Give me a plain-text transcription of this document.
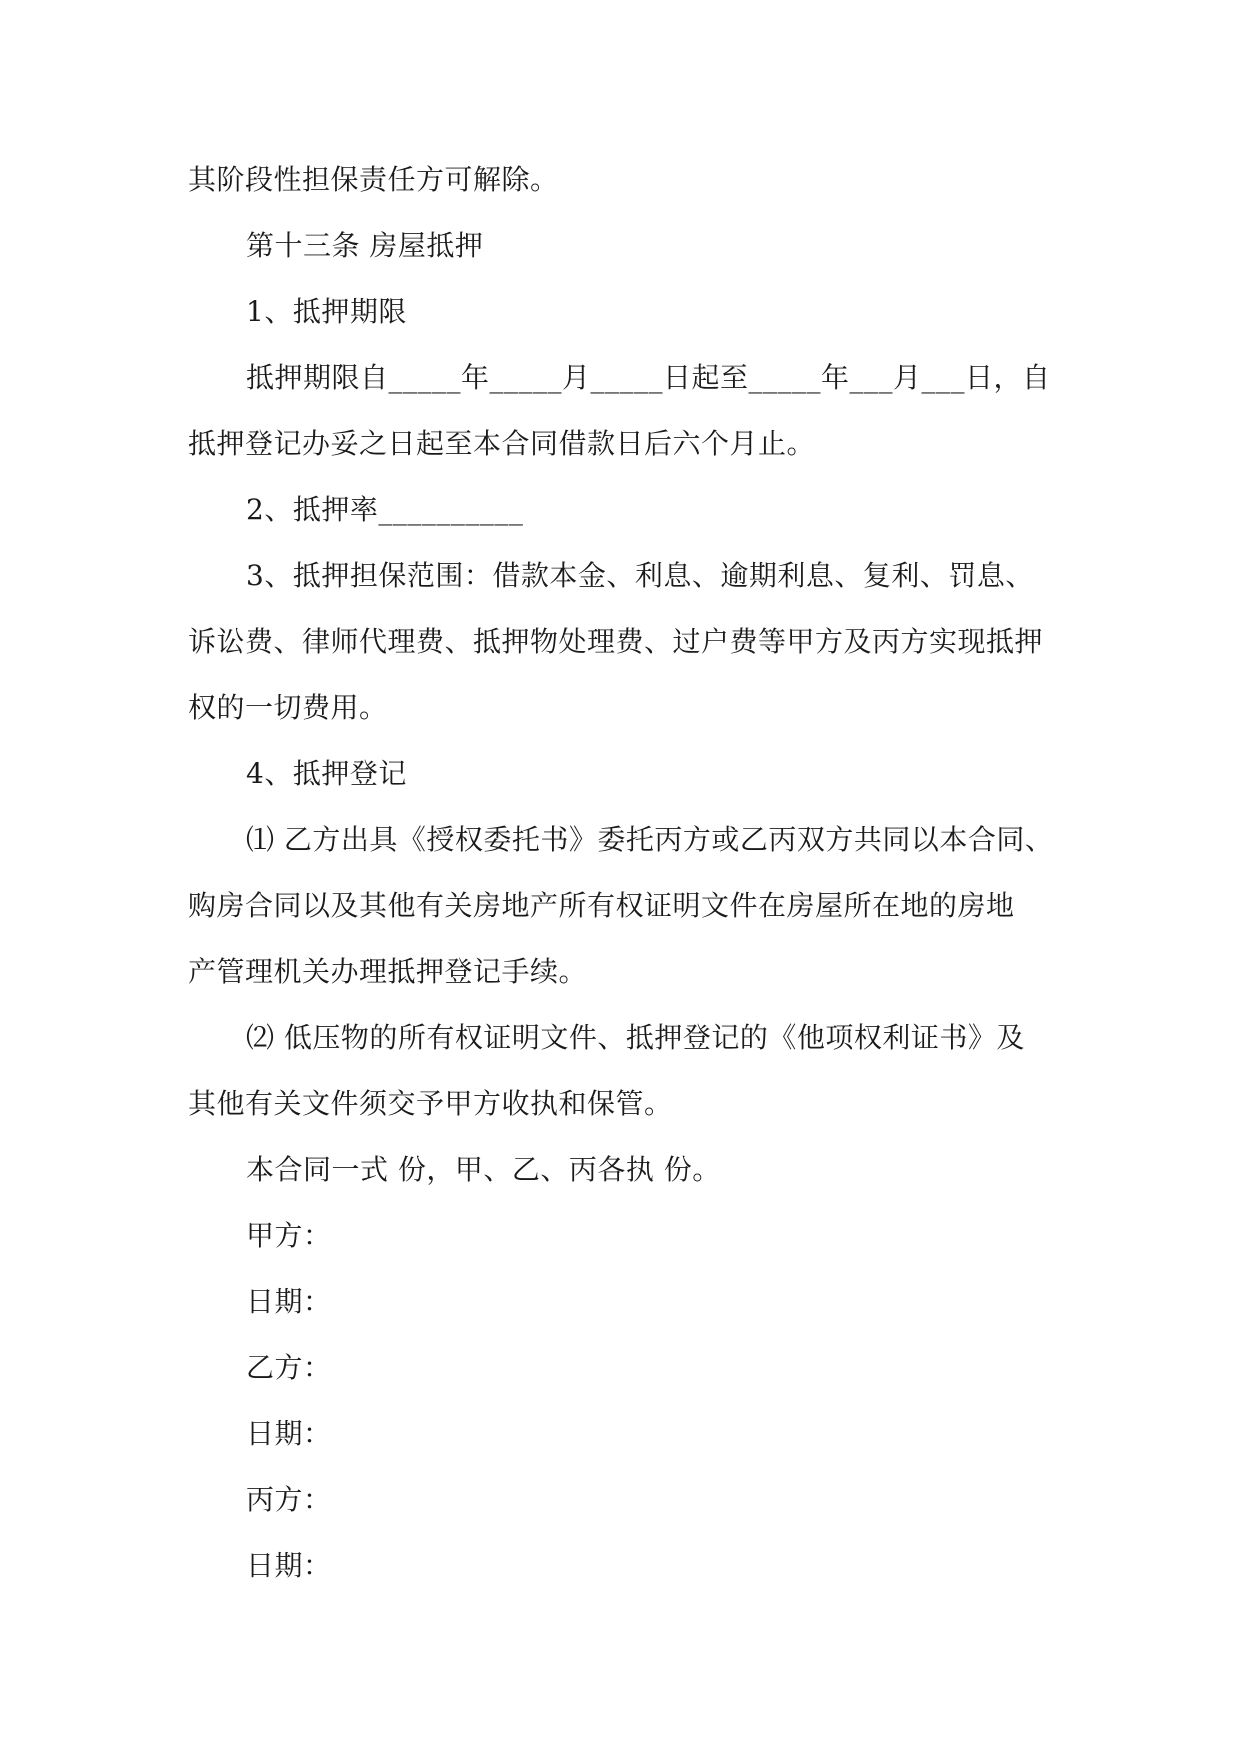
其阶段性担保责任方可解除。

第十三条 房屋抵押

1、抵押期限

抵押期限自_____年_____月_____日起至_____年___月___日，自

抵押登记办妥之日起至本合同借款日后六个月止。

2、抵押率__________

3、抵押担保范围：借款本金、利息、逾期利息、复利、罚息、

诉讼费、律师代理费、抵押物处理费、过户费等甲方及丙方实现抵押

权的一切费用。

4、抵押登记

⑴ 乙方出具《授权委托书》委托丙方或乙丙双方共同以本合同、

购房合同以及其他有关房地产所有权证明文件在房屋所在地的房地

产管理机关办理抵押登记手续。

⑵ 低压物的所有权证明文件、抵押登记的《他项权利证书》及

其他有关文件须交予甲方收执和保管。

本合同一式 份，甲、乙、丙各执 份。

甲方：

日期：

乙方：

日期：

丙方：

日期：
